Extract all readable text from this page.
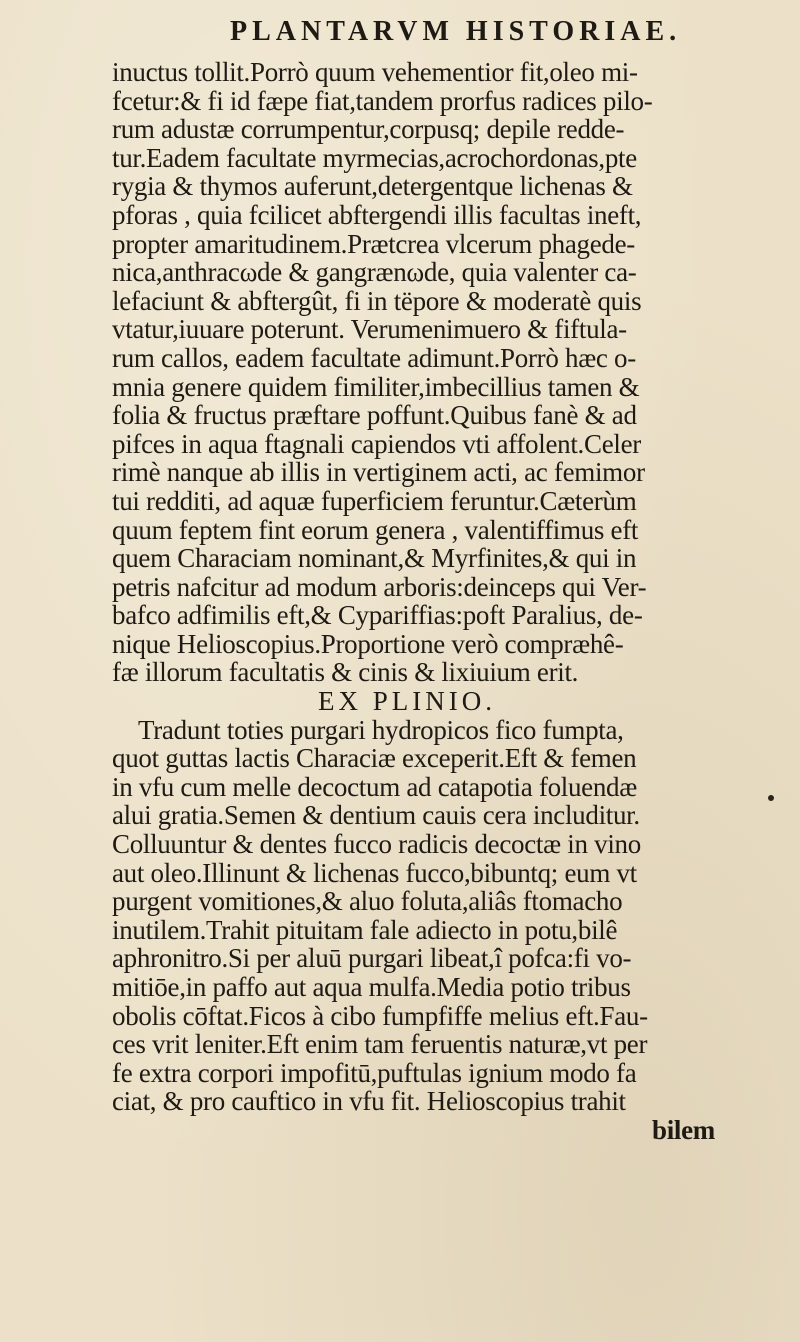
PLANTARVM HISTORIAE.
inuctus tollit.Porrò quum vehementior fit,oleo mi-
fcetur:& fi id fæpe fiat,tandem prorfus radices pilo-
rum adustæ corrumpentur,corpusq; depile redde-
tur.Eadem facultate myrmecias,acrochordonas,pte
rygia & thymos auferunt,detergentque lichenas &
pforas , quia fcilicet abftergendi illis facultas ineft,
propter amaritudinem.Prætcrea vlcerum phagede-
nica,anthracωde & gangrænωde, quia valenter ca-
lefaciunt & abftergût, fi in tëpore & moderatè quis
vtatur,iuuare poterunt. Verumenimuero & fiftula-
rum callos, eadem facultate adimunt.Porrò hæc o-
mnia genere quidem fimiliter,imbecillius tamen &
folia & fructus præftare poffunt.Quibus fanè & ad
pifces in aqua ftagnali capiendos vti affolent.Celer
rimè nanque ab illis in vertiginem acti, ac femimor
tui redditi, ad aquæ fuperficiem feruntur.Cæterùm
quum feptem fint eorum genera , valentiffimus eft
quem Characiam nominant,& Myrfinites,& qui in
petris nafcitur ad modum arboris:deinceps qui Ver-
bafco adfimilis eft,& Cypariffias:poft Paralius, de-
nique Helioscopius.Proportione verò compræhê-
fæ illorum facultatis & cinis & lixiuium erit.
EX PLINIO.
Tradunt toties purgari hydropicos fico fumpta,
quot guttas lactis Characiæ exceperit.Eft & femen
in vfu cum melle decoctum ad catapotia foluendæ
alui gratia.Semen & dentium cauis cera includitur.
Colluuntur & dentes fucco radicis decoctæ in vino
aut oleo.Illinunt & lichenas fucco,bibuntq; eum vt
purgent vomitiones,& aluo foluta,aliâs ftomacho
inutilem.Trahit pituitam fale adiecto in potu,bilê
aphronitro.Si per aluū purgari libeat,î pofca:fi vo-
mitiōe,in paffo aut aqua mulfa.Media potio tribus
obolis cōftat.Ficos à cibo fumpfiffe melius eft.Fau-
ces vrit leniter.Eft enim tam feruentis naturæ,vt per
fe extra corpori impofitū,puftulas ignium modo fa
ciat, & pro cauftico in vfu fit. Helioscopius trahit
bilem
